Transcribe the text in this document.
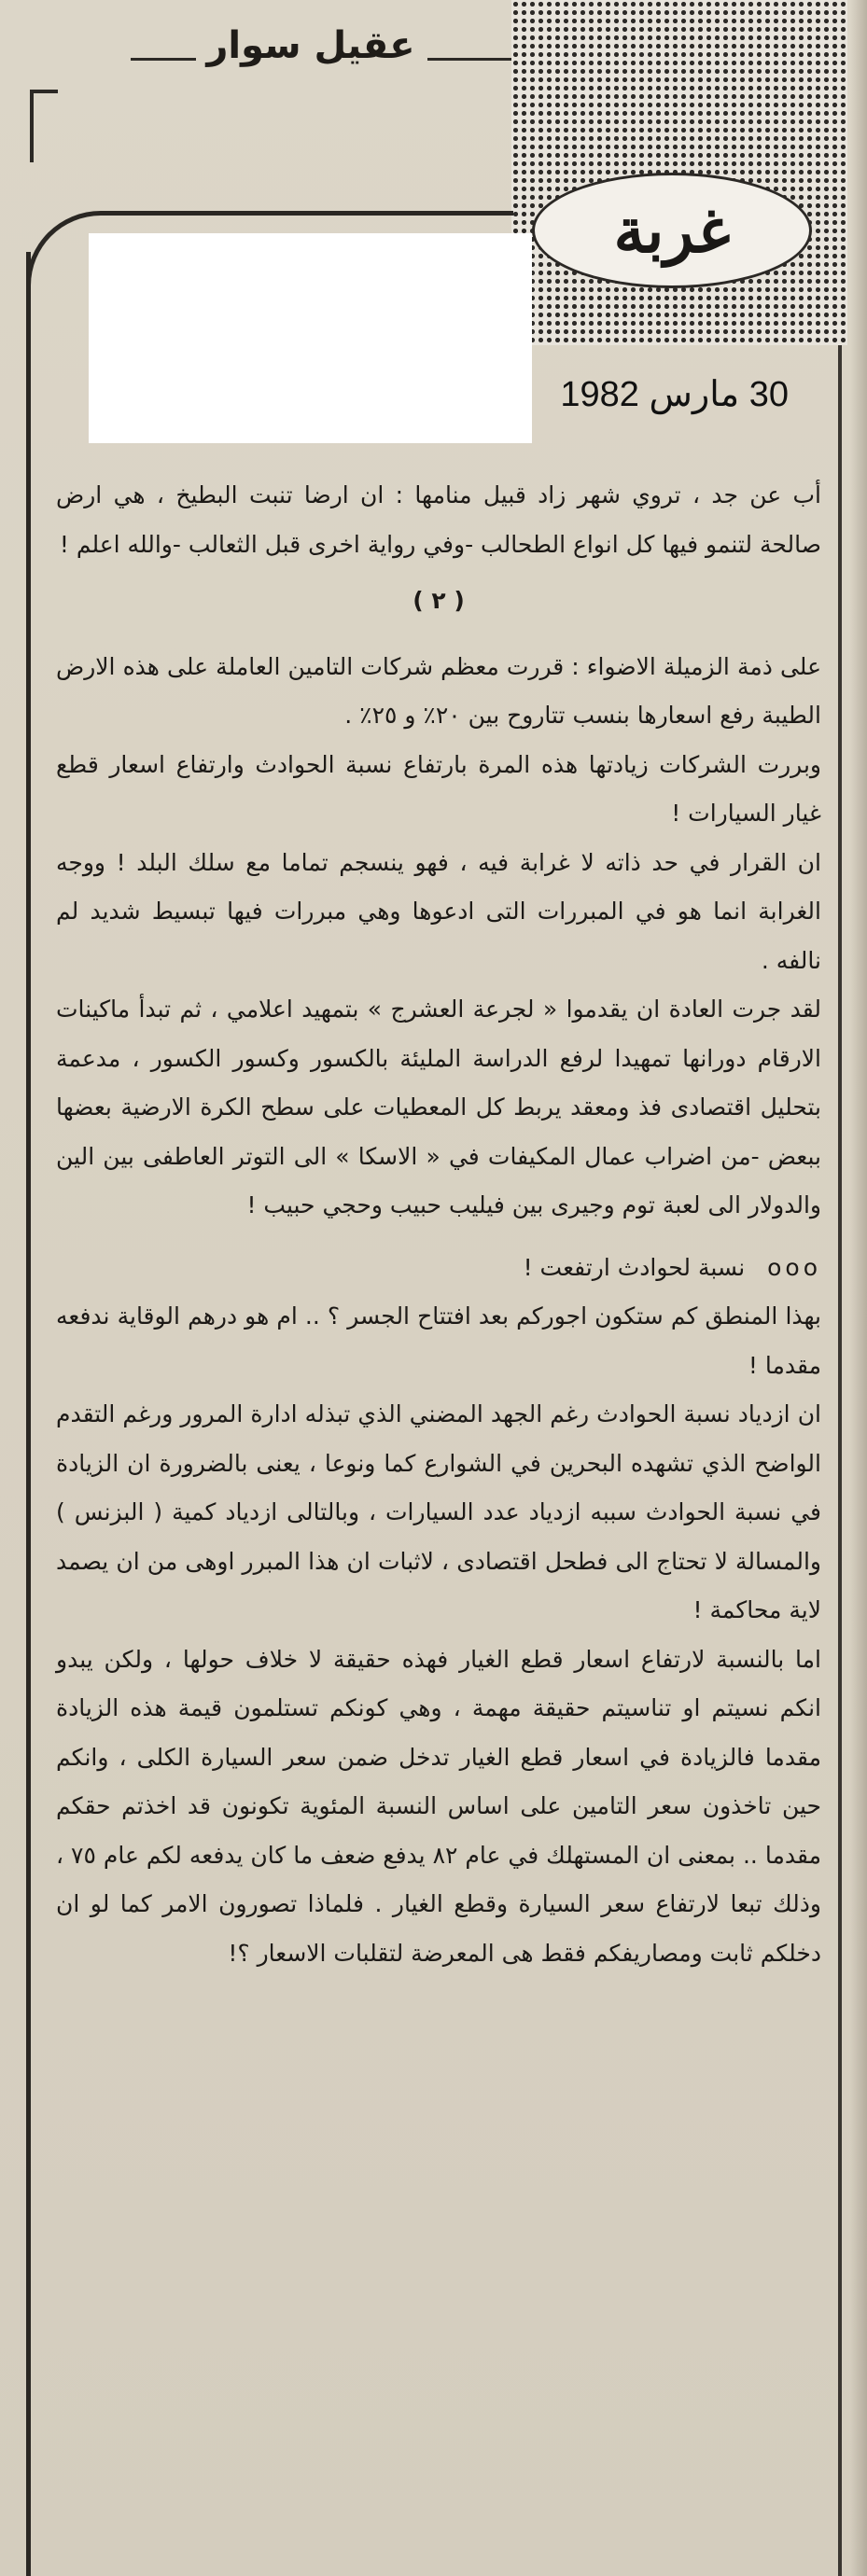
غربة
عقيل سوار
30 مارس 1982

أب عن جد ، تروي شهر زاد قبيل منامها : ان ارضا تنبت البطيخ ، هي ارض صالحة لتنمو فيها كل انواع الطحالب -وفي رواية اخرى قبل الثعالب -والله اعلم !

( ٢ )

على ذمة الزميلة الاضواء : قررت معظم شركات التامين العاملة على هذه الارض الطيبة رفع اسعارها بنسب تتاروح بين ٢٠٪ و ٢٥٪ .

وبررت الشركات زيادتها هذه المرة بارتفاع نسبة الحوادث وارتفاع اسعار قطع غيار السيارات !

ان القرار في حد ذاته لا غرابة فيه ، فهو ينسجم تماما مع سلك البلد ! ووجه الغرابة انما هو في المبررات التى ادعوها وهي مبررات فيها تبسيط شديد لم نالفه .

لقد جرت العادة ان يقدموا « لجرعة العشرج » بتمهيد اعلامي ، ثم تبدأ ماكينات الارقام دورانها تمهيدا لرفع الدراسة المليئة بالكسور وكسور الكسور ، مدعمة بتحليل اقتصادى فذ ومعقد يربط كل المعطيات على سطح الكرة الارضية بعضها ببعض -من اضراب عمال المكيفات في « الاسكا » الى التوتر العاطفى بين الين والدولار الى لعبة توم وجيرى بين فيليب حبيب وحجي حبيب !

ooo نسبة لحوادث ارتفعت !

بهذا المنطق كم ستكون اجوركم بعد افتتاح الجسر ؟ .. ام هو درهم الوقاية ندفعه مقدما !

ان ازدياد نسبة الحوادث رغم الجهد المضني الذي تبذله ادارة المرور ورغم التقدم الواضح الذي تشهده البحرين في الشوارع كما ونوعا ، يعنى بالضرورة ان الزيادة في نسبة الحوادث سببه ازدياد عدد السيارات ، وبالتالى ازدياد كمية ( البزنس ) والمسالة لا تحتاج الى فطحل اقتصادى ، لاثبات ان هذا المبرر اوهى من ان يصمد لاية محاكمة !

اما بالنسبة لارتفاع اسعار قطع الغيار فهذه حقيقة لا خلاف حولها ، ولكن يبدو انكم نسيتم او تناسيتم حقيقة مهمة ، وهي كونكم تستلمون قيمة هذه الزيادة مقدما فالزيادة في اسعار قطع الغيار تدخل ضمن سعر السيارة الكلى ، وانكم حين تاخذون سعر التامين على اساس النسبة المئوية تكونون قد اخذتم حقكم مقدما .. بمعنى ان المستهلك في عام ٨٢ يدفع ضعف ما كان يدفعه لكم عام ٧٥ ، وذلك تبعا لارتفاع سعر السيارة وقطع الغيار . فلماذا تصورون الامر كما لو ان دخلكم ثابت ومصاريفكم فقط هى المعرضة لتقلبات الاسعار ؟!
